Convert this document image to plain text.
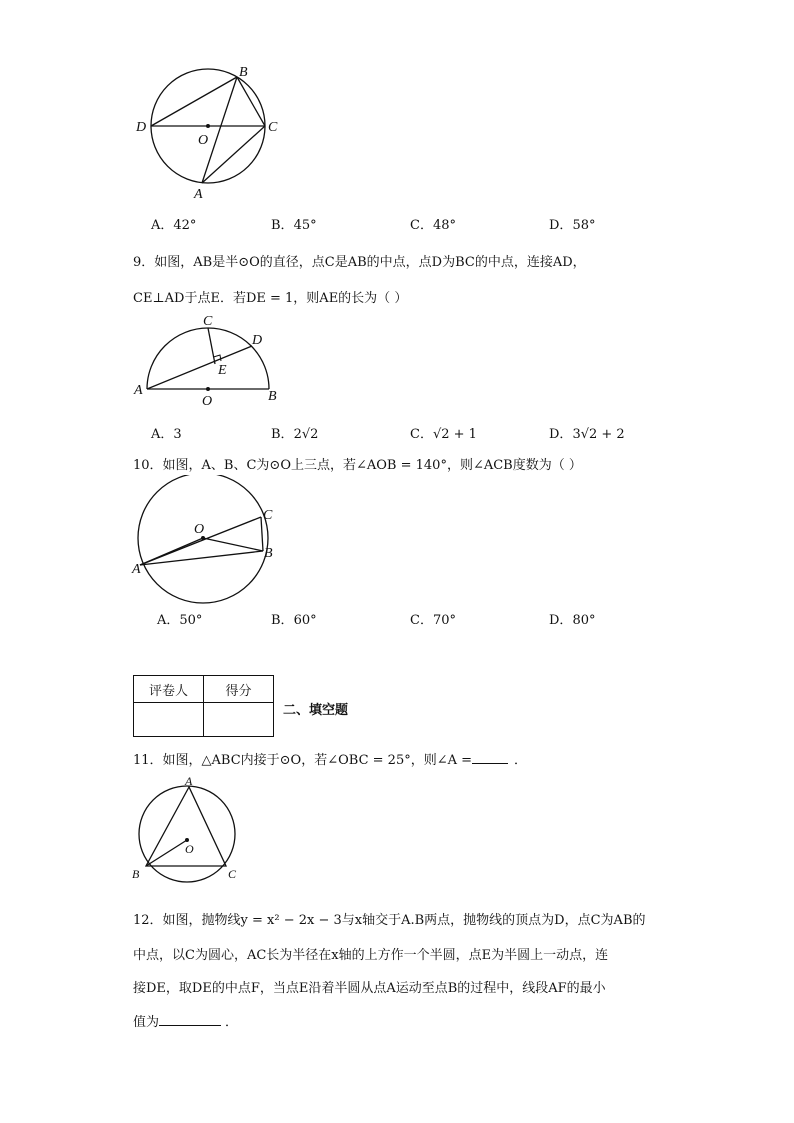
B
D	C
O
A
A．42°	B．45°	C．48°	D．58°
9．如图，AB是半⊙O的直径，点C是AB的中点，点D为BC的中点，连接AD，
CE⊥AD于点E．若DE = 1，则AE的长为（ ）
C
D
E
A	B
O
A．3	B．2√2	C．√2 + 1	D．3√2 + 2
10．如图，A、B、C为⊙O上三点，若∠AOB = 140°，则∠ACB度数为（ ）
O
C
B
A
A．50°	B．60°	C．70°	D．80°
评卷人	得分

二、填空题
11．如图，△ABC内接于⊙O，若∠OBC = 25°，则∠A =	．
A
O
B	C
12．如图，抛物线y = x² − 2x − 3与x轴交于A.B两点，抛物线的顶点为D，点C为AB的
中点，以C为圆心，AC长为半径在x轴的上方作一个半圆，点E为半圆上一动点，连
接DE，取DE的中点F，当点E沿着半圆从点A运动至点B的过程中，线段AF的最小
值为	．
